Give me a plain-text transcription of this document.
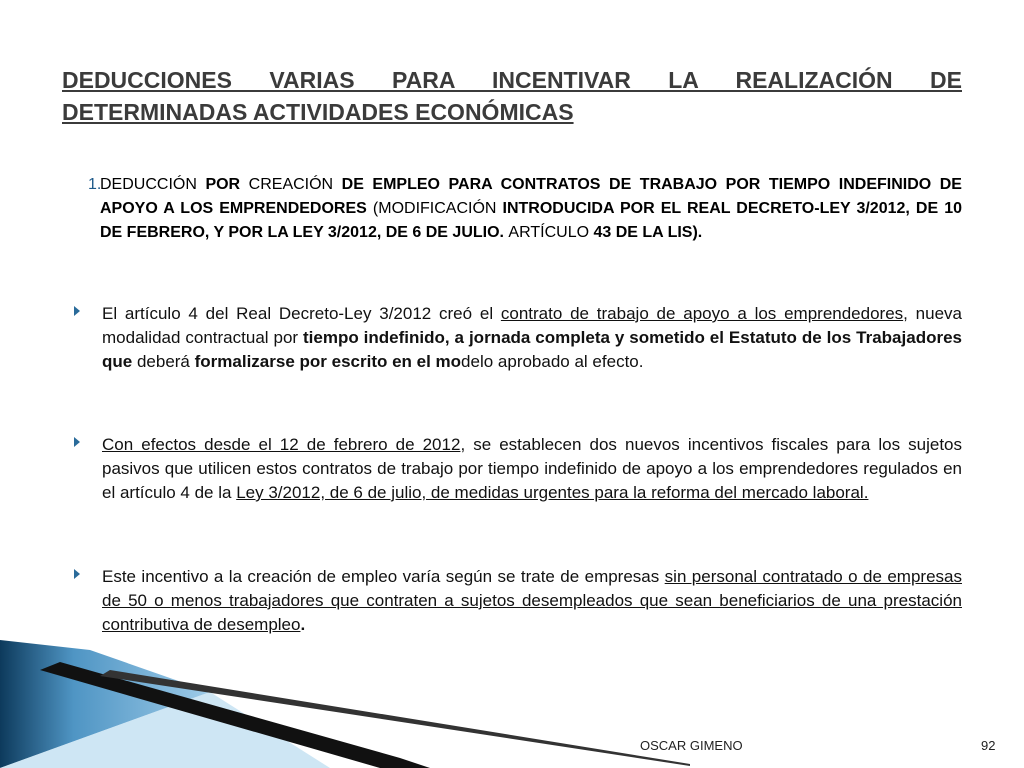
DEDUCCIONES VARIAS PARA INCENTIVAR LA REALIZACIÓN DE DETERMINADAS ACTIVIDADES ECONÓMICAS
1.
DEDUCCIÓN POR CREACIÓN DE EMPLEO PARA CONTRATOS DE TRABAJO POR TIEMPO INDEFINIDO DE APOYO A LOS EMPRENDEDORES (MODIFICACIÓN INTRODUCIDA POR EL REAL DECRETO-LEY 3/2012, DE 10 DE FEBRERO, Y POR LA LEY 3/2012, DE 6 DE JULIO. ARTÍCULO 43 DE LA LIS).
El artículo 4 del Real Decreto-Ley 3/2012 creó el contrato de trabajo de apoyo a los emprendedores, nueva modalidad contractual por tiempo indefinido, a jornada completa y sometido el Estatuto de los Trabajadores que deberá formalizarse por escrito en el modelo aprobado al efecto.
Con efectos desde el 12 de febrero de 2012, se establecen dos nuevos incentivos fiscales para los sujetos pasivos que utilicen estos contratos de trabajo por tiempo indefinido de apoyo a los emprendedores regulados en el artículo 4 de la Ley 3/2012, de 6 de julio, de medidas urgentes para la reforma del mercado laboral.
Este incentivo a la creación de empleo varía según se trate de empresas sin personal contratado o de empresas de 50 o menos trabajadores que contraten a sujetos desempleados que sean beneficiarios de una prestación contributiva de desempleo.
OSCAR GIMENO	92
